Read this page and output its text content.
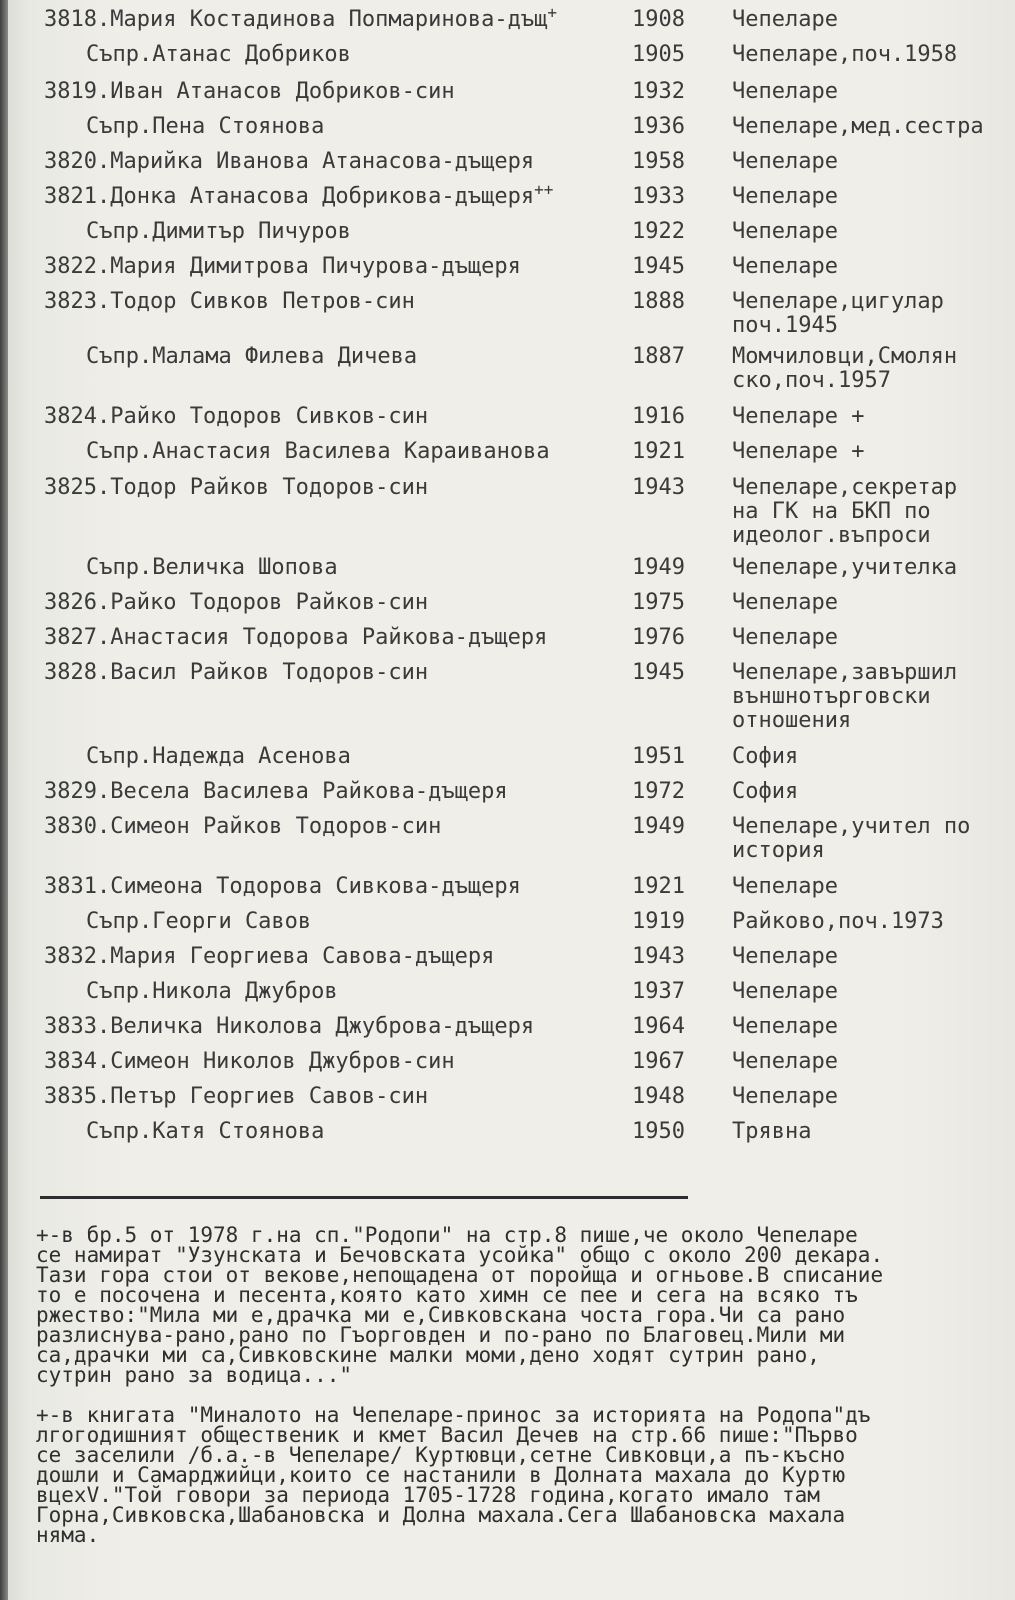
3818.Мария Костадинова Попмаринова-дъщ+	1908 Чепеларе
Съпр.Атанас Добриков	1905 Чепеларе,поч.1958
3819.Иван Атанасов Добриков-син	1932 Чепеларе
Съпр.Пена Стоянова	1936 Чепеларе,мед.сестра
3820.Марийка Иванова Атанасова-дъщеря	1958 Чепеларе
3821.Донка Атанасова Добрикова-дъщеря++	1933 Чепеларе
Съпр.Димитър Пичуров	1922 Чепеларе
3822.Мария Димитрова Пичурова-дъщеря	1945 Чепеларе
3823.Тодор Сивков Петров-син	1888 Чепеларе,цигулар
поч.1945
Съпр.Малама Филева Дичева	1887 Момчиловци,Смолян
ско,поч.1957
3824.Райко Тодоров Сивков-син	1916 Чепеларе +
Съпр.Анастасия Василева Караиванова	1921 Чепеларе +
3825.Тодор Райков Тодоров-син	1943 Чепеларе,секретар
на ГК на БКП по
идеолог.въпроси
Съпр.Величка Шопова	1949 Чепеларе,учителка
3826.Райко Тодоров Райков-син	1975 Чепеларе
3827.Анастасия Тодорова Райкова-дъщеря	1976 Чепеларе
3828.Васил Райков Тодоров-син	1945 Чепеларе,завършил
външнотърговски
отношения
Съпр.Надежда Асенова	1951 София
3829.Весела Василева Райкова-дъщеря	1972 София
3830.Симеон Райков Тодоров-син	1949 Чепеларе,учител по
история
3831.Симеона Тодорова Сивкова-дъщеря	1921 Чепеларе
Съпр.Георги Савов	1919 Райково,поч.1973
3832.Мария Георгиева Савова-дъщеря	1943 Чепеларе
Съпр.Никола Джубров	1937 Чепеларе
3833.Величка Николова Джуброва-дъщеря	1964 Чепеларе
3834.Симеон Николов Джубров-син	1967 Чепеларе
3835.Петър Георгиев Савов-син	1948 Чепеларе
Съпр.Катя Стоянова	1950 Трявна

+-в бр.5 от 1978 г.на сп."Родопи" на стр.8 пише,че около Чепеларе
се намират "Узунската и Бечовската усойка" общо с около 200 декара.
Тази гора стои от векове,непощадена от поройща и огньове.В списание
то е посочена и песента,която като химн се пее и сега на всяко тъ
ржество:"Мила ми е,драчка ми е,Сивковскана чоста гора.Чи са рано
разлиснува-рано,рано по Гъорговден и по-рано по Благовец.Мили ми
са,драчки ми са,Сивковскине малки моми,дено ходят сутрин рано,
сутрин рано за водица..."

+-в книгата "Миналото на Чепеларе-принос за историята на Родопа"дъ
лгогодишният общественик и кмет Васил Дечев на стр.66 пише:"Първо
се заселили /б.а.-в Чепеларе/ Куртювци,сетне Сивковци,а пъ-късно
дошли и Самарджийци,които се настанили в Долната махала до Куртю
вцехV."Той говори за периода 1705-1728 година,когато имало там
Горна,Сивковска,Шабановска и Долна махала.Сега Шабановска махала
няма.
